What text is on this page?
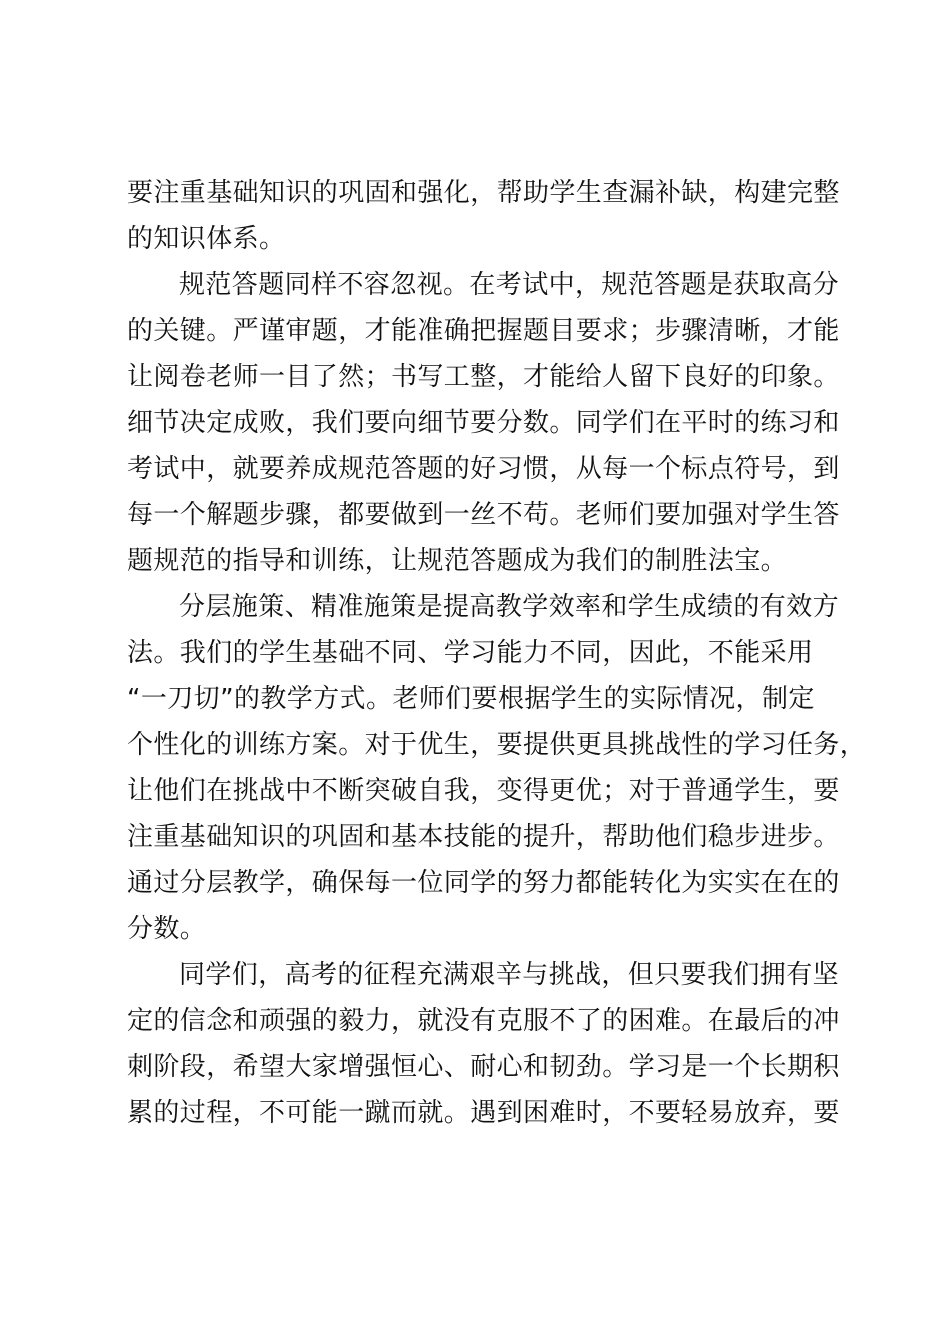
要注重基础知识的巩固和强化，帮助学生查漏补缺，构建完整
的知识体系。
规范答题同样不容忽视。在考试中，规范答题是获取高分
的关键。严谨审题，才能准确把握题目要求；步骤清晰，才能
让阅卷老师一目了然；书写工整，才能给人留下良好的印象。
细节决定成败，我们要向细节要分数。同学们在平时的练习和
考试中，就要养成规范答题的好习惯，从每一个标点符号，到
每一个解题步骤，都要做到一丝不苟。老师们要加强对学生答
题规范的指导和训练，让规范答题成为我们的制胜法宝。
分层施策、精准施策是提高教学效率和学生成绩的有效方
法。我们的学生基础不同、学习能力不同，因此，不能采用
“一刀切”的教学方式。老师们要根据学生的实际情况，制定
个性化的训练方案。对于优生，要提供更具挑战性的学习任务，
让他们在挑战中不断突破自我，变得更优；对于普通学生，要
注重基础知识的巩固和基本技能的提升，帮助他们稳步进步。
通过分层教学，确保每一位同学的努力都能转化为实实在在的
分数。
同学们，高考的征程充满艰辛与挑战，但只要我们拥有坚
定的信念和顽强的毅力，就没有克服不了的困难。在最后的冲
刺阶段，希望大家增强恒心、耐心和韧劲。学习是一个长期积
累的过程，不可能一蹴而就。遇到困难时，不要轻易放弃，要
